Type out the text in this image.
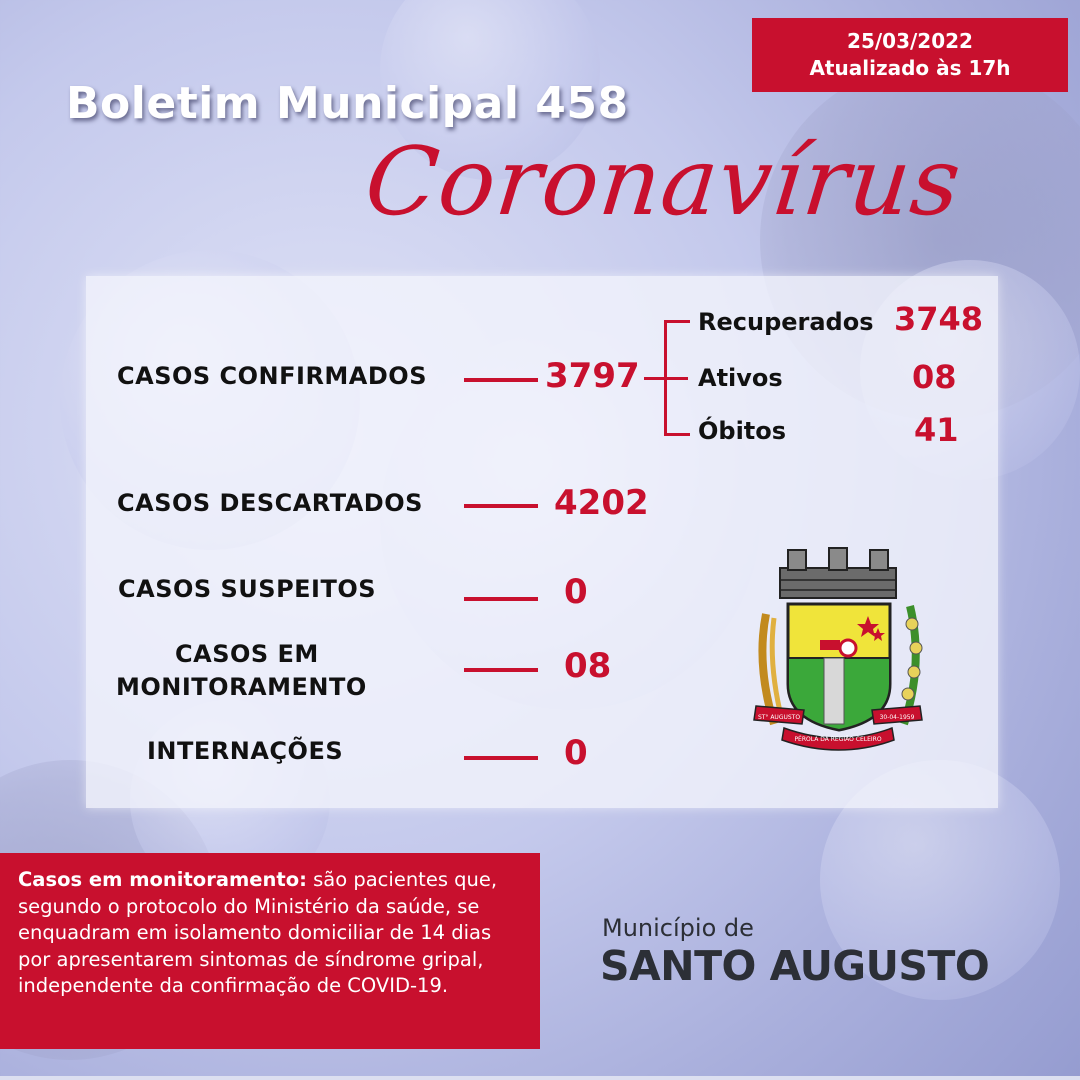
25/03/2022
Atualizado às 17h
Boletim Municipal 458
Coronavírus
CASOS CONFIRMADOS	3797
Recuperados 3748
Ativos	08
Óbitos	41
CASOS DESCARTADOS	4202
CASOS SUSPEITOS	0
CASOS EM
MONITORAMENTO
08
INTERNAÇÕES	0
ST° AUGUSTO	30-04-1959
PÉROLA DA REGIÃO CELEIRO
Casos em monitoramento: são pacientes que, segundo o protocolo do Ministério da saúde, se enquadram em isolamento domiciliar de 14 dias por apresentarem sintomas de síndrome gripal, independente da confirmação de COVID-19.
Município de
SANTO AUGUSTO
